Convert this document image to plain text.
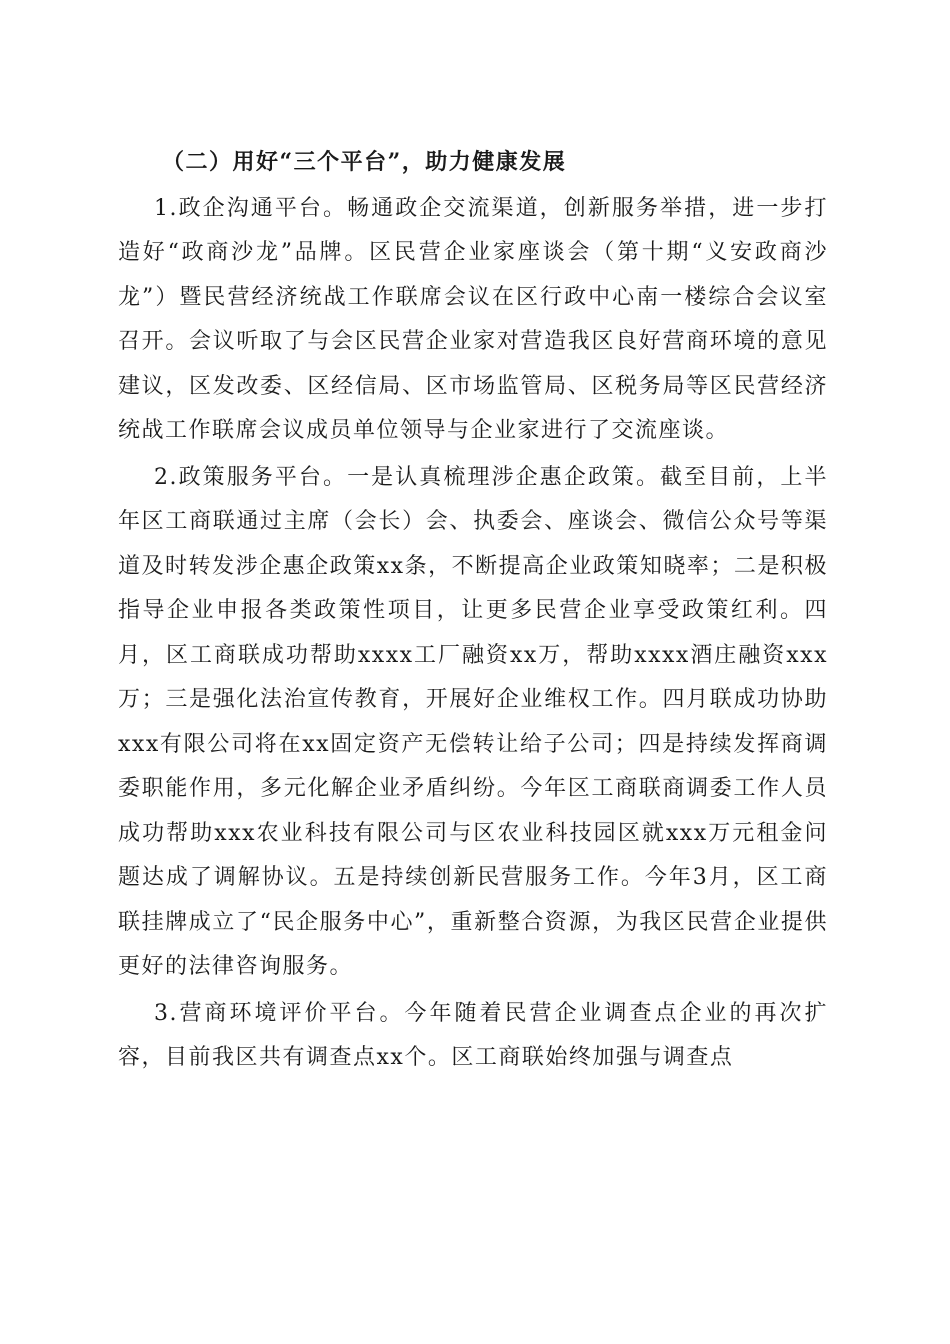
（二）用好“三个平台”，助力健康发展

1.政企沟通平台。畅通政企交流渠道，创新服务举措，进一步打造好“政商沙龙”品牌。区民营企业家座谈会（第十期“义安政商沙龙”）暨民营经济统战工作联席会议在区行政中心南一楼综合会议室召开。会议听取了与会区民营企业家对营造我区良好营商环境的意见建议，区发改委、区经信局、区市场监管局、区税务局等区民营经济统战工作联席会议成员单位领导与企业家进行了交流座谈。

2.政策服务平台。一是认真梳理涉企惠企政策。截至目前，上半年区工商联通过主席（会长）会、执委会、座谈会、微信公众号等渠道及时转发涉企惠企政策xx条，不断提高企业政策知晓率；二是积极指导企业申报各类政策性项目，让更多民营企业享受政策红利。四月，区工商联成功帮助xxxx工厂融资xx万，帮助xxxx酒庄融资xxx万；三是强化法治宣传教育，开展好企业维权工作。四月联成功协助xxx有限公司将在xx固定资产无偿转让给子公司；四是持续发挥商调委职能作用，多元化解企业矛盾纠纷。今年区工商联商调委工作人员成功帮助xxx农业科技有限公司与区农业科技园区就xxx万元租金问题达成了调解协议。五是持续创新民营服务工作。今年3月，区工商联挂牌成立了“民企服务中心”，重新整合资源，为我区民营企业提供更好的法律咨询服务。

3.营商环境评价平台。今年随着民营企业调查点企业的再次扩容，目前我区共有调查点xx个。区工商联始终加强与调查点
